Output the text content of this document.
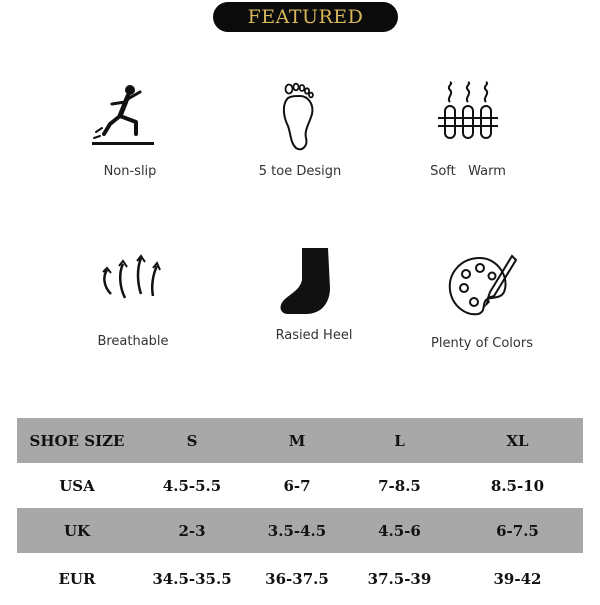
FEATURED
Non-slip	5 toe Design	Soft   Warm
Breathable	Rasied Heel
Plenty of Colors
SHOE SIZE	S	M	L	XL
USA	4.5-5.5	6-7	7-8.5	8.5-10
UK	2-3	3.5-4.5	4.5-6	6-7.5
EUR	34.5-35.5	36-37.5	37.5-39	39-42
